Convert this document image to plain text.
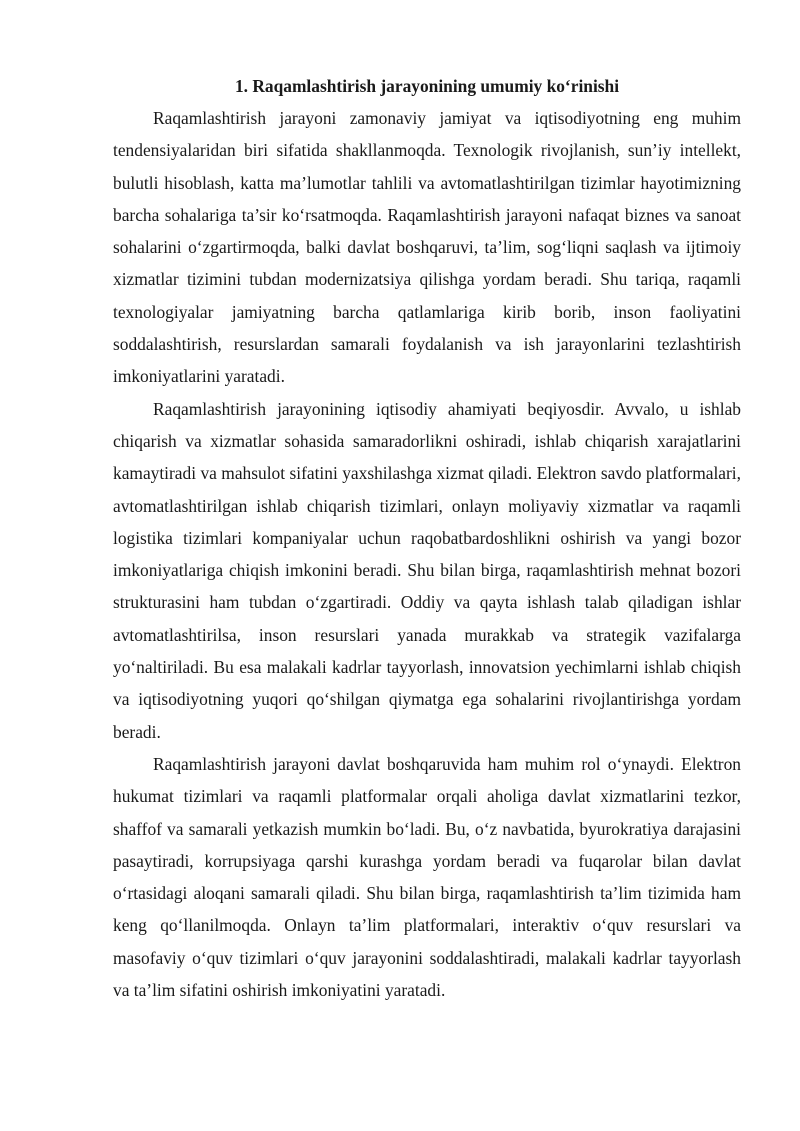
1. Raqamlashtirish jarayonining umumiy ko‘rinishi

Raqamlashtirish jarayoni zamonaviy jamiyat va iqtisodiyotning eng muhim tendensiyalaridan biri sifatida shakllanmoqda. Texnologik rivojlanish, sun’iy intellekt, bulutli hisoblash, katta ma’lumotlar tahlili va avtomatlashtirilgan tizimlar hayotimizning barcha sohalariga ta’sir ko‘rsatmoqda. Raqamlashtirish jarayoni nafaqat biznes va sanoat sohalarini o‘zgartirmoqda, balki davlat boshqaruvi, ta’lim, sog‘liqni saqlash va ijtimoiy xizmatlar tizimini tubdan modernizatsiya qilishga yordam beradi. Shu tariqa, raqamli texnologiyalar jamiyatning barcha qatlamlariga kirib borib, inson faoliyatini soddalashtirish, resurslardan samarali foydalanish va ish jarayonlarini tezlashtirish imkoniyatlarini yaratadi.

Raqamlashtirish jarayonining iqtisodiy ahamiyati beqiyosdir. Avvalo, u ishlab chiqarish va xizmatlar sohasida samaradorlikni oshiradi, ishlab chiqarish xarajatlarini kamaytiradi va mahsulot sifatini yaxshilashga xizmat qiladi. Elektron savdo platformalari, avtomatlashtirilgan ishlab chiqarish tizimlari, onlayn moliyaviy xizmatlar va raqamli logistika tizimlari kompaniyalar uchun raqobatbardoshlikni oshirish va yangi bozor imkoniyatlariga chiqish imkonini beradi. Shu bilan birga, raqamlashtirish mehnat bozori strukturasini ham tubdan o‘zgartiradi. Oddiy va qayta ishlash talab qiladigan ishlar avtomatlashtirilsa, inson resurslari yanada murakkab va strategik vazifalarga yo‘naltiriladi. Bu esa malakali kadrlar tayyorlash, innovatsion yechimlarni ishlab chiqish va iqtisodiyotning yuqori qo‘shilgan qiymatga ega sohalarini rivojlantirishga yordam beradi.

Raqamlashtirish jarayoni davlat boshqaruvida ham muhim rol o‘ynaydi. Elektron hukumat tizimlari va raqamli platformalar orqali aholiga davlat xizmatlarini tezkor, shaffof va samarali yetkazish mumkin bo‘ladi. Bu, o‘z navbatida, byurokratiya darajasini pasaytiradi, korrupsiyaga qarshi kurashga yordam beradi va fuqarolar bilan davlat o‘rtasidagi aloqani samarali qiladi. Shu bilan birga, raqamlashtirish ta’lim tizimida ham keng qo‘llanilmoqda. Onlayn ta’lim platformalari, interaktiv o‘quv resurslari va masofaviy o‘quv tizimlari o‘quv jarayonini soddalashtiradi, malakali kadrlar tayyorlash va ta’lim sifatini oshirish imkoniyatini yaratadi.
